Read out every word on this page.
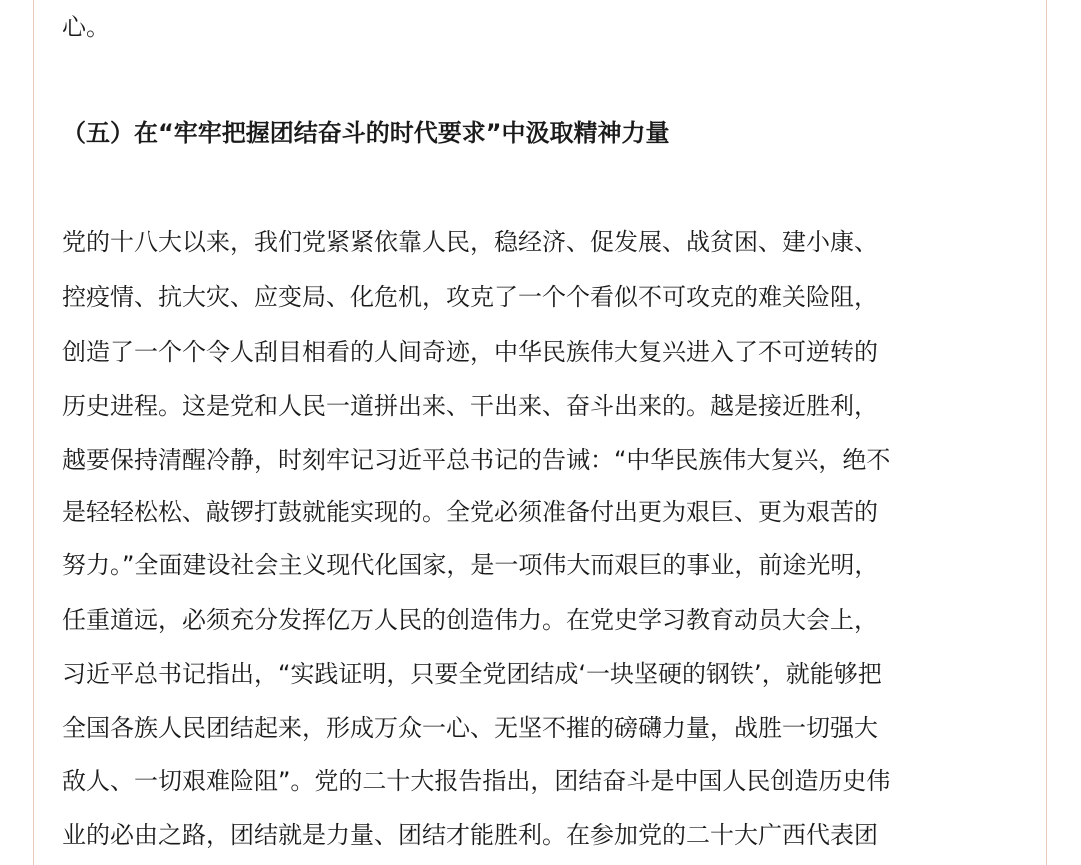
心。
（五）在“牢牢把握团结奋斗的时代要求”中汲取精神力量
党的十八大以来，我们党紧紧依靠人民，稳经济、促发展、战贫困、建小康、
控疫情、抗大灾、应变局、化危机，攻克了一个个看似不可攻克的难关险阻，
创造了一个个令人刮目相看的人间奇迹，中华民族伟大复兴进入了不可逆转的
历史进程。这是党和人民一道拼出来、干出来、奋斗出来的。越是接近胜利，
越要保持清醒冷静，时刻牢记习近平总书记的告诫：“中华民族伟大复兴，绝不
是轻轻松松、敲锣打鼓就能实现的。全党必须准备付出更为艰巨、更为艰苦的
努力。”全面建设社会主义现代化国家，是一项伟大而艰巨的事业，前途光明，
任重道远，必须充分发挥亿万人民的创造伟力。在党史学习教育动员大会上，
习近平总书记指出，“实践证明，只要全党团结成‘一块坚硬的钢铁’，就能够把
全国各族人民团结起来，形成万众一心、无坚不摧的磅礴力量，战胜一切强大
敌人、一切艰难险阻”。党的二十大报告指出，团结奋斗是中国人民创造历史伟
业的必由之路，团结就是力量、团结才能胜利。在参加党的二十大广西代表团
